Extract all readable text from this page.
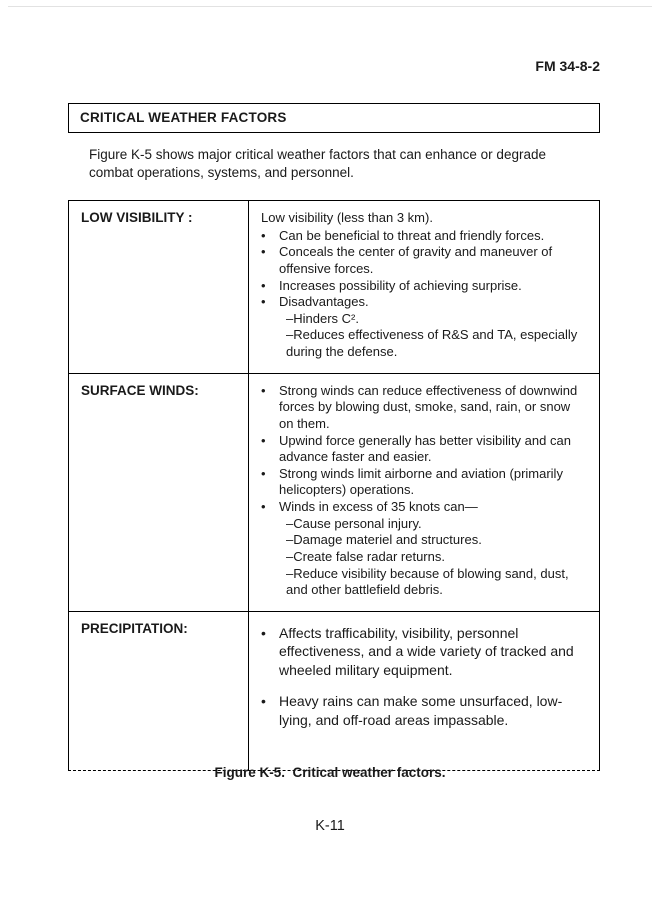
FM 34-8-2
CRITICAL WEATHER FACTORS

Figure K-5 shows major critical weather factors that can enhance or degrade combat operations, systems, and personnel.

LOW VISIBILITY :	Low visibility (less than 3 km).
•	Can be beneficial to threat and friendly forces.
•	Conceals the center of gravity and maneuver of offensive forces.
•	Increases possibility of achieving surprise.
•	Disadvantages.
–Hinders C².
–Reduces effectiveness of R&S and TA, especially during the defense.
SURFACE WINDS:	•	Strong winds can reduce effectiveness of downwind forces by blowing dust, smoke, sand, rain, or snow on them.
•	Upwind force generally has better visibility and can advance faster and easier.
•	Strong winds limit airborne and aviation (primarily helicopters) operations.
•	Winds in excess of 35 knots can—
–Cause personal injury.
–Damage materiel and structures.
–Create false radar returns.
–Reduce visibility because of blowing sand, dust, and other battlefield debris.
PRECIPITATION:	• Affects trafficability, visibility, personnel effectiveness, and a wide variety of tracked and wheeled military equipment.
• Heavy rains can make some unsurfaced, low-lying, and off-road areas impassable.
Figure K-5.  Critical weather factors.
K-11
